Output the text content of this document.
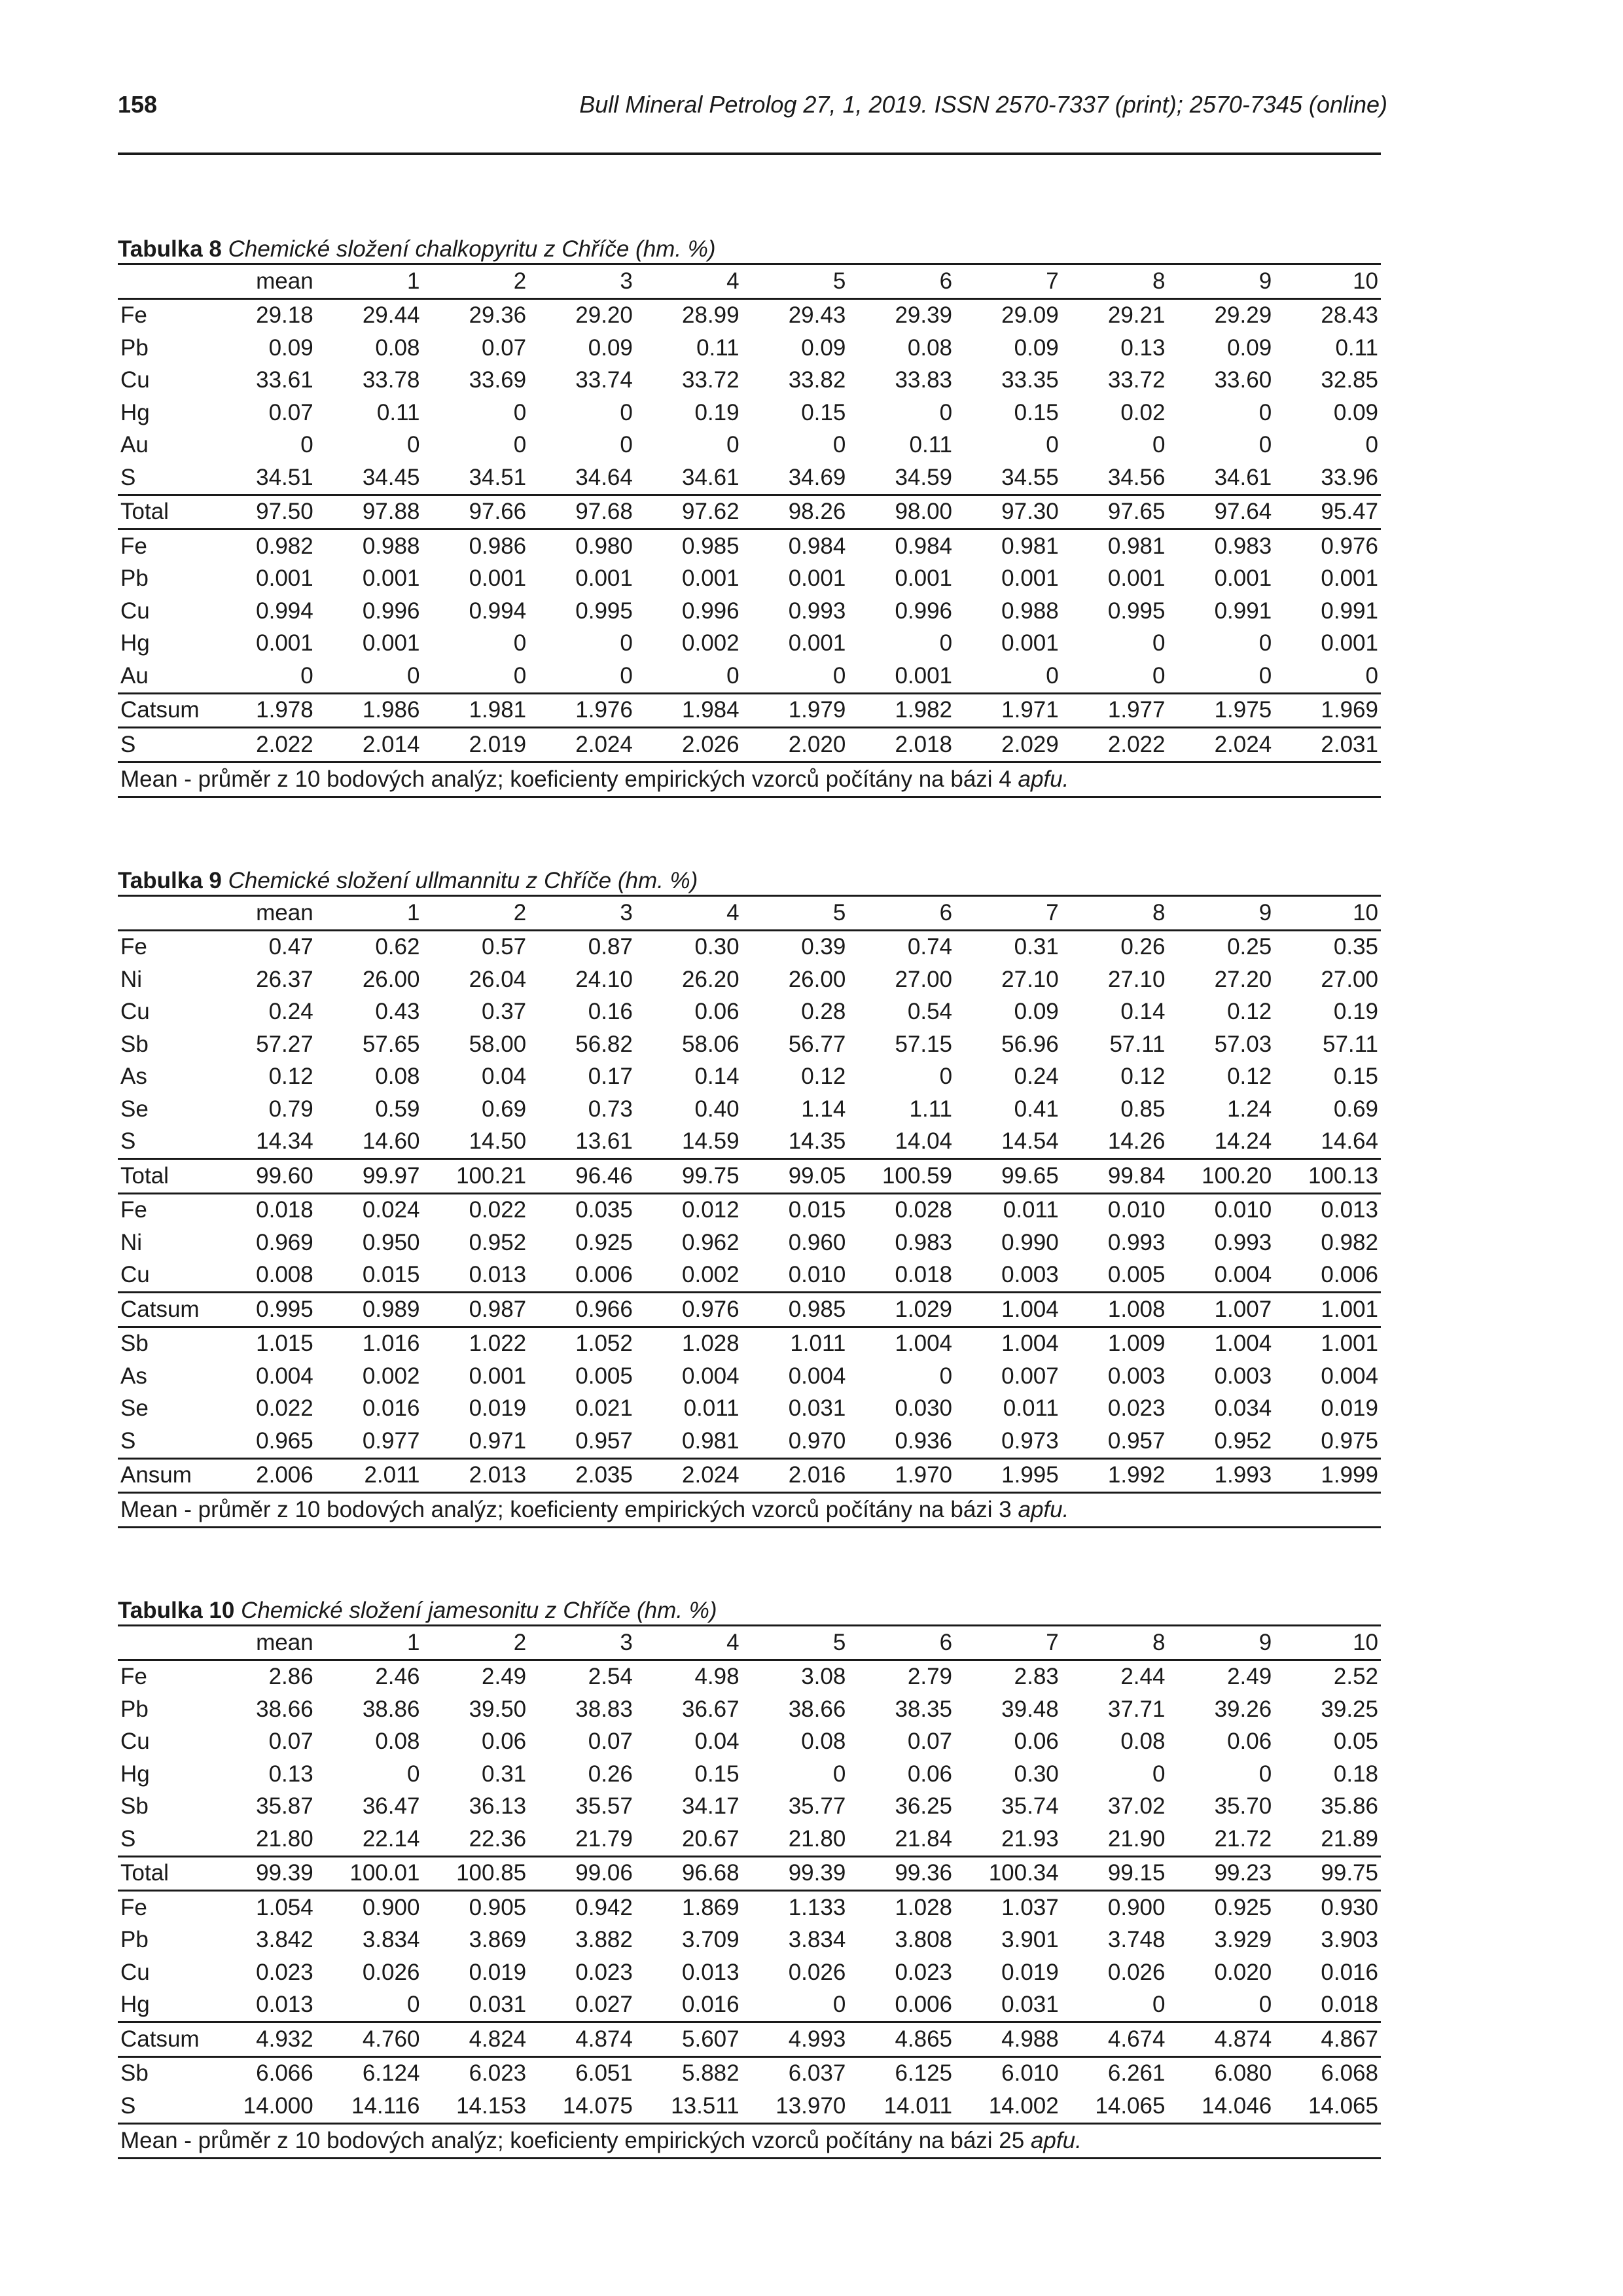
158	Bull Mineral Petrolog 27, 1, 2019. ISSN 2570-7337 (print); 2570-7345 (online)
Tabulka 8 Chemické složení chalkopyritu z Chříče (hm. %)
	mean	1	2	3	4	5	6	7	8	9	10
Fe	29.18	29.44	29.36	29.20	28.99	29.43	29.39	29.09	29.21	29.29	28.43
Pb	0.09	0.08	0.07	0.09	0.11	0.09	0.08	0.09	0.13	0.09	0.11
Cu	33.61	33.78	33.69	33.74	33.72	33.82	33.83	33.35	33.72	33.60	32.85
Hg	0.07	0.11	0	0	0.19	0.15	0	0.15	0.02	0	0.09
Au	0	0	0	0	0	0	0.11	0	0	0	0
S	34.51	34.45	34.51	34.64	34.61	34.69	34.59	34.55	34.56	34.61	33.96
Total	97.50	97.88	97.66	97.68	97.62	98.26	98.00	97.30	97.65	97.64	95.47
Fe	0.982	0.988	0.986	0.980	0.985	0.984	0.984	0.981	0.981	0.983	0.976
Pb	0.001	0.001	0.001	0.001	0.001	0.001	0.001	0.001	0.001	0.001	0.001
Cu	0.994	0.996	0.994	0.995	0.996	0.993	0.996	0.988	0.995	0.991	0.991
Hg	0.001	0.001	0	0	0.002	0.001	0	0.001	0	0	0.001
Au	0	0	0	0	0	0	0.001	0	0	0	0
Catsum	1.978	1.986	1.981	1.976	1.984	1.979	1.982	1.971	1.977	1.975	1.969
S	2.022	2.014	2.019	2.024	2.026	2.020	2.018	2.029	2.022	2.024	2.031
Mean - průměr z 10 bodových analýz; koeficienty empirických vzorců počítány na bázi 4 apfu.
Tabulka 9 Chemické složení ullmannitu z Chříče (hm. %)
	mean	1	2	3	4	5	6	7	8	9	10
Fe	0.47	0.62	0.57	0.87	0.30	0.39	0.74	0.31	0.26	0.25	0.35
Ni	26.37	26.00	26.04	24.10	26.20	26.00	27.00	27.10	27.10	27.20	27.00
Cu	0.24	0.43	0.37	0.16	0.06	0.28	0.54	0.09	0.14	0.12	0.19
Sb	57.27	57.65	58.00	56.82	58.06	56.77	57.15	56.96	57.11	57.03	57.11
As	0.12	0.08	0.04	0.17	0.14	0.12	0	0.24	0.12	0.12	0.15
Se	0.79	0.59	0.69	0.73	0.40	1.14	1.11	0.41	0.85	1.24	0.69
S	14.34	14.60	14.50	13.61	14.59	14.35	14.04	14.54	14.26	14.24	14.64
Total	99.60	99.97	100.21	96.46	99.75	99.05	100.59	99.65	99.84	100.20	100.13
Fe	0.018	0.024	0.022	0.035	0.012	0.015	0.028	0.011	0.010	0.010	0.013
Ni	0.969	0.950	0.952	0.925	0.962	0.960	0.983	0.990	0.993	0.993	0.982
Cu	0.008	0.015	0.013	0.006	0.002	0.010	0.018	0.003	0.005	0.004	0.006
Catsum	0.995	0.989	0.987	0.966	0.976	0.985	1.029	1.004	1.008	1.007	1.001
Sb	1.015	1.016	1.022	1.052	1.028	1.011	1.004	1.004	1.009	1.004	1.001
As	0.004	0.002	0.001	0.005	0.004	0.004	0	0.007	0.003	0.003	0.004
Se	0.022	0.016	0.019	0.021	0.011	0.031	0.030	0.011	0.023	0.034	0.019
S	0.965	0.977	0.971	0.957	0.981	0.970	0.936	0.973	0.957	0.952	0.975
Ansum	2.006	2.011	2.013	2.035	2.024	2.016	1.970	1.995	1.992	1.993	1.999
Mean - průměr z 10 bodových analýz; koeficienty empirických vzorců počítány na bázi 3 apfu.
Tabulka 10 Chemické složení jamesonitu z Chříče (hm. %)
	mean	1	2	3	4	5	6	7	8	9	10
Fe	2.86	2.46	2.49	2.54	4.98	3.08	2.79	2.83	2.44	2.49	2.52
Pb	38.66	38.86	39.50	38.83	36.67	38.66	38.35	39.48	37.71	39.26	39.25
Cu	0.07	0.08	0.06	0.07	0.04	0.08	0.07	0.06	0.08	0.06	0.05
Hg	0.13	0	0.31	0.26	0.15	0	0.06	0.30	0	0	0.18
Sb	35.87	36.47	36.13	35.57	34.17	35.77	36.25	35.74	37.02	35.70	35.86
S	21.80	22.14	22.36	21.79	20.67	21.80	21.84	21.93	21.90	21.72	21.89
Total	99.39	100.01	100.85	99.06	96.68	99.39	99.36	100.34	99.15	99.23	99.75
Fe	1.054	0.900	0.905	0.942	1.869	1.133	1.028	1.037	0.900	0.925	0.930
Pb	3.842	3.834	3.869	3.882	3.709	3.834	3.808	3.901	3.748	3.929	3.903
Cu	0.023	0.026	0.019	0.023	0.013	0.026	0.023	0.019	0.026	0.020	0.016
Hg	0.013	0	0.031	0.027	0.016	0	0.006	0.031	0	0	0.018
Catsum	4.932	4.760	4.824	4.874	5.607	4.993	4.865	4.988	4.674	4.874	4.867
Sb	6.066	6.124	6.023	6.051	5.882	6.037	6.125	6.010	6.261	6.080	6.068
S	14.000	14.116	14.153	14.075	13.511	13.970	14.011	14.002	14.065	14.046	14.065
Mean - průměr z 10 bodových analýz; koeficienty empirických vzorců počítány na bázi 25 apfu.
